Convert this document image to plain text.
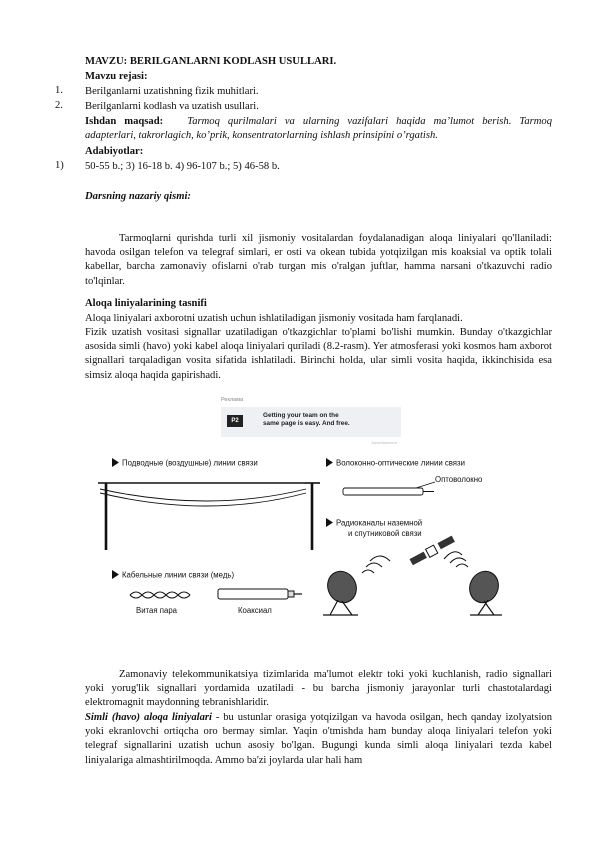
MAVZU: BERILGANLARNI KODLASH USULLARI.
Mavzu rejasi:
1. Berilganlarni uzatishning fizik muhitlari.
2. Berilganlarni kodlash va uzatish usullari.
Ishdan maqsad: Tarmoq qurilmalari va ularning vazifalari haqida ma’lumot berish. Tarmoq
adapterlari, takrorlagich, ko’prik, konsentratorlarning ishlash prinsipini o’rgatish.
Adabiyotlar:
1) 50-55 b.; 3) 16-18 b. 4) 96-107 b.; 5) 46-58 b.
Darsning nazariy qismi:
Tarmoqlarni qurishda turli xil jismoniy vositalardan foydalanadigan aloqa liniyalari qo'llaniladi: havoda osilgan telefon va telegraf simlari, er osti va okean tubida yotqizilgan mis koaksial va optik tolali kabellar, barcha zamonaviy ofislarni o'rab turgan mis o'ralgan juftlar, hamma narsani o'tkazuvchi radio to'lqinlar.
Aloqa liniyalarining tasnifi
Aloqa liniyalari axborotni uzatish uchun ishlatiladigan jismoniy vositada ham farqlanadi.
Fizik uzatish vositasi signallar uzatiladigan o'tkazgichlar to'plami bo'lishi mumkin. Bunday o'tkazgichlar asosida simli (havo) yoki kabel aloqa liniyalari quriladi (8.2-rasm). Yer atmosferasi yoki kosmos ham axborot signallari tarqaladigan vosita sifatida ishlatiladi. Birinchi holda, ular simli vosita haqida, ikkinchisida esa simsiz aloqa haqida gapirishadi.
Реклама
P2
Getting your team on the
same page is easy. And free.
Advertisement
Подводные (воздушные) линии связи	Волоконно-оптические линии связи
Оптоволокно
Радиоканалы наземной
и спутниковой связи
Кабельные линии связи (медь)
Витая пара	Коаксиал
Zamonaviy telekommunikatsiya tizimlarida ma'lumot elektr toki yoki kuchlanish, radio signallari yoki yorug'lik signallari yordamida uzatiladi - bu barcha jismoniy jarayonlar turli chastotalardagi elektromagnit maydonning tebranishlaridir.
Simli (havo) aloqa liniyalari - bu ustunlar orasiga yotqizilgan va havoda osilgan, hech qanday izolyatsion yoki ekranlovchi ortiqcha oro bermay simlar. Yaqin o'tmishda ham bunday aloqa liniyalari telefon yoki telegraf signallarini uzatish uchun asosiy bo'lgan. Bugungi kunda simli aloqa liniyalari tezda kabel liniyalariga almashtirilmoqda. Ammo ba'zi joylarda ular hali ham
